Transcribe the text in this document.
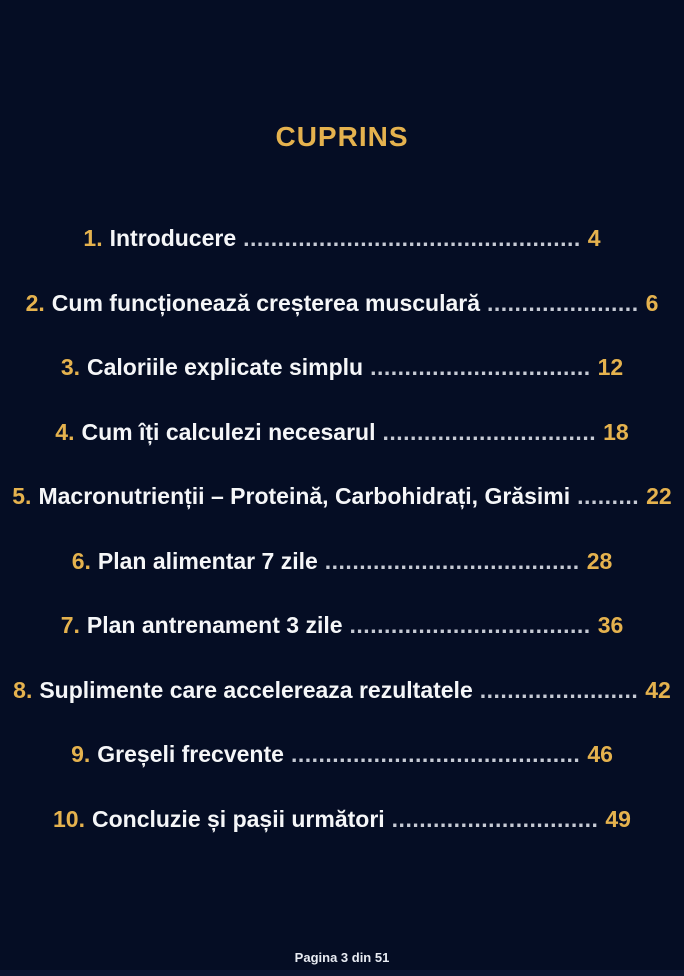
CUPRINS
1. Introducere ................................................. 4
2. Cum funcționează creșterea musculară ...................... 6
3. Caloriile explicate simplu ................................ 12
4. Cum îți calculezi necesarul ............................... 18
5. Macronutrienții – Proteină, Carbohidrați, Grăsimi ......... 22
6. Plan alimentar 7 zile ..................................... 28
7. Plan antrenament 3 zile ................................... 36
8. Suplimente care accelereaza rezultatele ....................... 42
9. Greșeli frecvente .......................................... 46
10. Concluzie și pașii următori .............................. 49
Pagina 3 din 51
